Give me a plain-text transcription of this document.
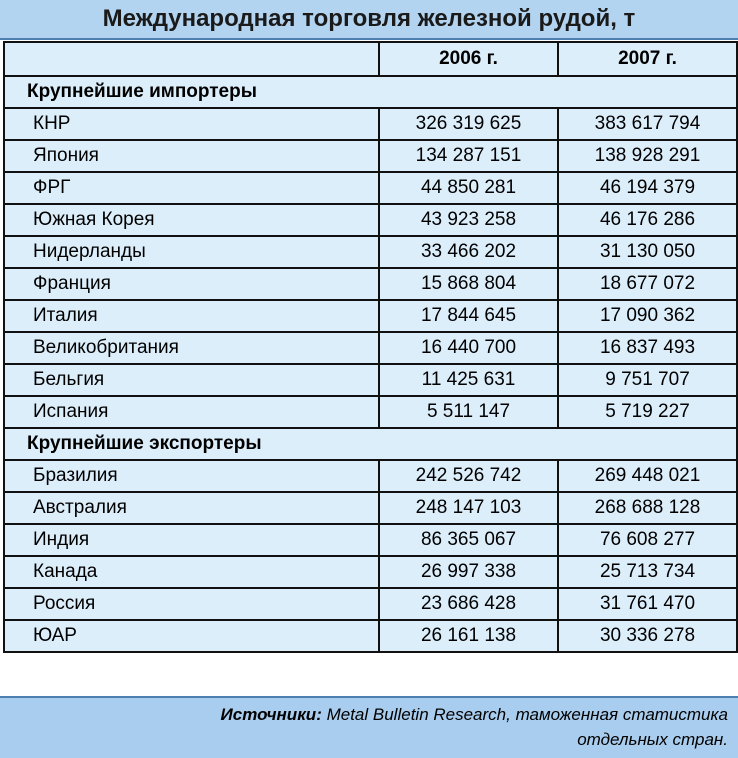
Международная торговля железной рудой, т
	2006 г.	2007 г.
Крупнейшие импортеры		
КНР	326 319 625	383 617 794
Япония	134 287 151	138 928 291
ФРГ	44 850 281	46 194 379
Южная Корея	43 923 258	46 176 286
Нидерланды	33 466 202	31 130 050
Франция	15 868 804	18 677 072
Италия	17 844 645	17 090 362
Великобритания	16 440 700	16 837 493
Бельгия	11 425 631	9 751 707
Испания	5 511 147	5 719 227
Крупнейшие экспортеры		
Бразилия	242 526 742	269 448 021
Австралия	248 147 103	268 688 128
Индия	86 365 067	76 608 277
Канада	26 997 338	25 713 734
Россия	23 686 428	31 761 470
ЮАР	26 161 138	30 336 278
Источники: Metal Bulletin Research, таможенная статистика
отдельных стран.
